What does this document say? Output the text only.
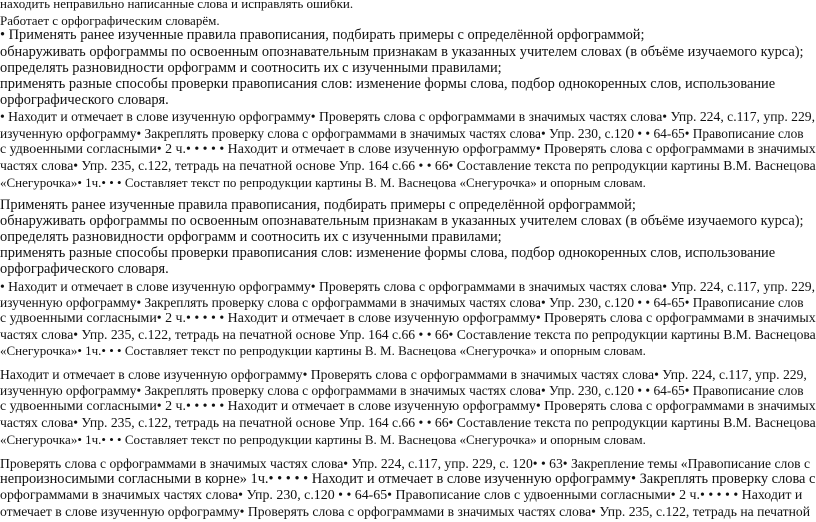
находить неправильно написанные слова и исправлять ошибки.
Работает с орфографическим словарём.
• Применять ранее изученные правила правописания, подбирать примеры с определённой орфограммой;
обнаруживать орфограммы по освоенным опознавательным признакам в указанных учителем словах (в объёме изучаемого курса);
определять разновидности орфограмм и соотносить их с изученными правилами;
применять разные способы проверки правописания слов: изменение формы слова, подбор однокоренных слов, использование
орфографического словаря.
• Находит и отмечает в слове изученную орфограмму• Проверять слова с орфограммами в значимых частях слова• Упр. 224, с.117, упр. 229,
изученную орфограмму• Закреплять проверку слова с орфограммами в значимых частях слова• Упр. 230, с.120 • • 64-65• Правописание слов
с удвоенными согласными• 2 ч.• • • • • Находит и отмечает в слове изученную орфограмму• Проверять слова с орфограммами в значимых
частях слова• Упр. 235, с.122, тетрадь на печатной основе Упр. 164 с.66 • • 66• Составление текста по репродукции картины В.М. Васнецова
«Снегурочка»• 1ч.• • • Составляет текст по репродукции картины В. М. Васнецова «Снегурочка» и опорным словам.
Применять ранее изученные правила правописания, подбирать примеры с определённой орфограммой;
обнаруживать орфограммы по освоенным опознавательным признакам в указанных учителем словах (в объёме изучаемого курса);
определять разновидности орфограмм и соотносить их с изученными правилами;
применять разные способы проверки правописания слов: изменение формы слова, подбор однокоренных слов, использование
орфографического словаря.
• Находит и отмечает в слове изученную орфограмму• Проверять слова с орфограммами в значимых частях слова• Упр. 224, с.117, упр. 229,
изученную орфограмму• Закреплять проверку слова с орфограммами в значимых частях слова• Упр. 230, с.120 • • 64-65• Правописание слов
с удвоенными согласными• 2 ч.• • • • • Находит и отмечает в слове изученную орфограмму• Проверять слова с орфограммами в значимых
частях слова• Упр. 235, с.122, тетрадь на печатной основе Упр. 164 с.66 • • 66• Составление текста по репродукции картины В.М. Васнецова
«Снегурочка»• 1ч.• • • Составляет текст по репродукции картины В. М. Васнецова «Снегурочка» и опорным словам.
Находит и отмечает в слове изученную орфограмму• Проверять слова с орфограммами в значимых частях слова• Упр. 224, с.117, упр. 229,
изученную орфограмму• Закреплять проверку слова с орфограммами в значимых частях слова• Упр. 230, с.120 • • 64-65• Правописание слов
с удвоенными согласными• 2 ч.• • • • • Находит и отмечает в слове изученную орфограмму• Проверять слова с орфограммами в значимых
частях слова• Упр. 235, с.122, тетрадь на печатной основе Упр. 164 с.66 • • 66• Составление текста по репродукции картины В.М. Васнецова
«Снегурочка»• 1ч.• • • Составляет текст по репродукции картины В. М. Васнецова «Снегурочка» и опорным словам.
Проверять слова с орфограммами в значимых частях слова• Упр. 224, с.117, упр. 229, с. 120• • 63• Закрепление темы «Правописание слов с
непроизносимыми согласными в корне» 1ч.• • • • • Находит и отмечает в слове изученную орфограмму• Закреплять проверку слова с
орфограммами в значимых частях слова• Упр. 230, с.120 • • 64-65• Правописание слов с удвоенными согласными• 2 ч.• • • • • Находит и
отмечает в слове изученную орфограмму• Проверять слова с орфограммами в значимых частях слова• Упр. 235, с.122, тетрадь на печатной
